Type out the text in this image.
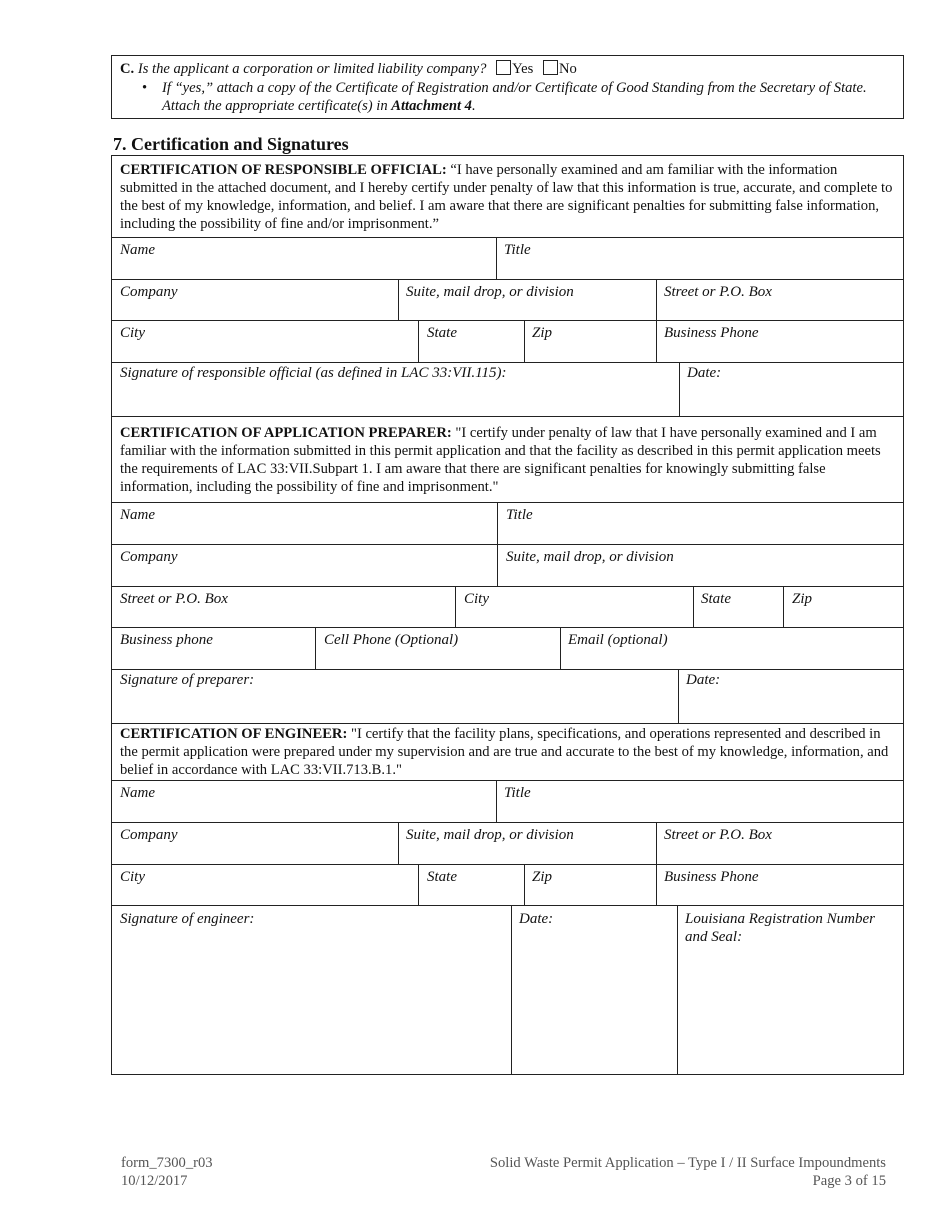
C. Is the applicant a corporation or limited liability company? Yes No
• If “yes,” attach a copy of the Certificate of Registration and/or Certificate of Good Standing from the Secretary of State. Attach the appropriate certificate(s) in Attachment 4.
7. Certification and Signatures
CERTIFICATION OF RESPONSIBLE OFFICIAL: “I have personally examined and am familiar with the information submitted in the attached document, and I hereby certify under penalty of law that this information is true, accurate, and complete to the best of my knowledge, information, and belief. I am aware that there are significant penalties for submitting false information, including the possibility of fine and/or imprisonment.”
Name	Title
Company	Suite, mail drop, or division	Street or P.O. Box
City	State	Zip	Business Phone
Signature of responsible official (as defined in LAC 33:VII.115):	Date:
CERTIFICATION OF APPLICATION PREPARER: "I certify under penalty of law that I have personally examined and I am familiar with the information submitted in this permit application and that the facility as described in this permit application meets the requirements of LAC 33:VII.Subpart 1. I am aware that there are significant penalties for knowingly submitting false information, including the possibility of fine and imprisonment."
Name	Title
Company	Suite, mail drop, or division
Street or P.O. Box	City	State	Zip
Business phone	Cell Phone (Optional)	Email (optional)
Signature of preparer:	Date:
CERTIFICATION OF ENGINEER: "I certify that the facility plans, specifications, and operations represented and described in the permit application were prepared under my supervision and are true and accurate to the best of my knowledge, information, and belief in accordance with LAC 33:VII.713.B.1."
Name	Title
Company	Suite, mail drop, or division	Street or P.O. Box
City	State	Zip	Business Phone
Signature of engineer:	Date:	Louisiana Registration Number and Seal:
form_7300_r03
10/12/2017
Solid Waste Permit Application – Type I / II Surface Impoundments
Page 3 of 15
